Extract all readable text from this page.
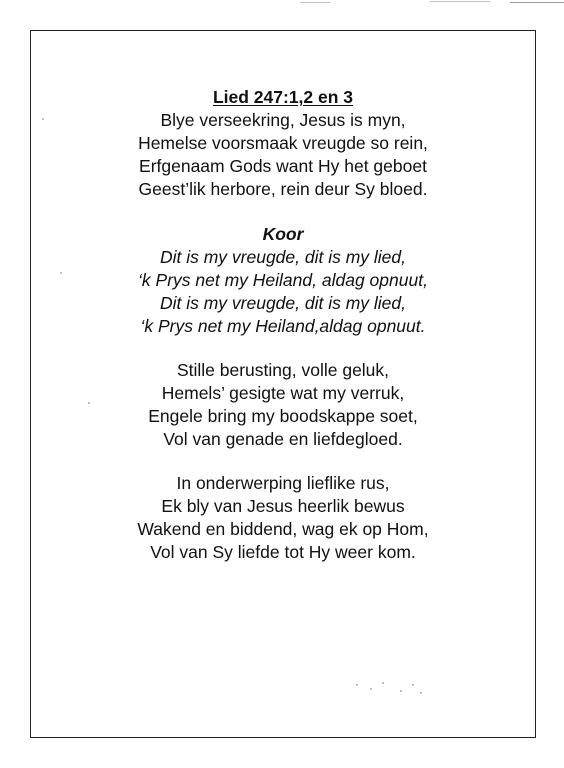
Lied 247:1,2 en 3
Blye verseekring, Jesus is myn,
Hemelse voorsmaak vreugde so rein,
Erfgenaam Gods want Hy het geboet
Geest’lik herbore, rein deur Sy bloed.
Koor
Dit is my vreugde, dit is my lied,
‘k Prys net my Heiland, aldag opnuut,
Dit is my vreugde, dit is my lied,
‘k Prys net my Heiland,aldag opnuut.
Stille berusting, volle geluk,
Hemels’ gesigte wat my verruk,
Engele bring my boodskappe soet,
Vol van genade en liefdegloed.
In onderwerping lieflike rus,
Ek bly van Jesus heerlik bewus
Wakend en biddend, wag ek op Hom,
Vol van Sy liefde tot Hy weer kom.
